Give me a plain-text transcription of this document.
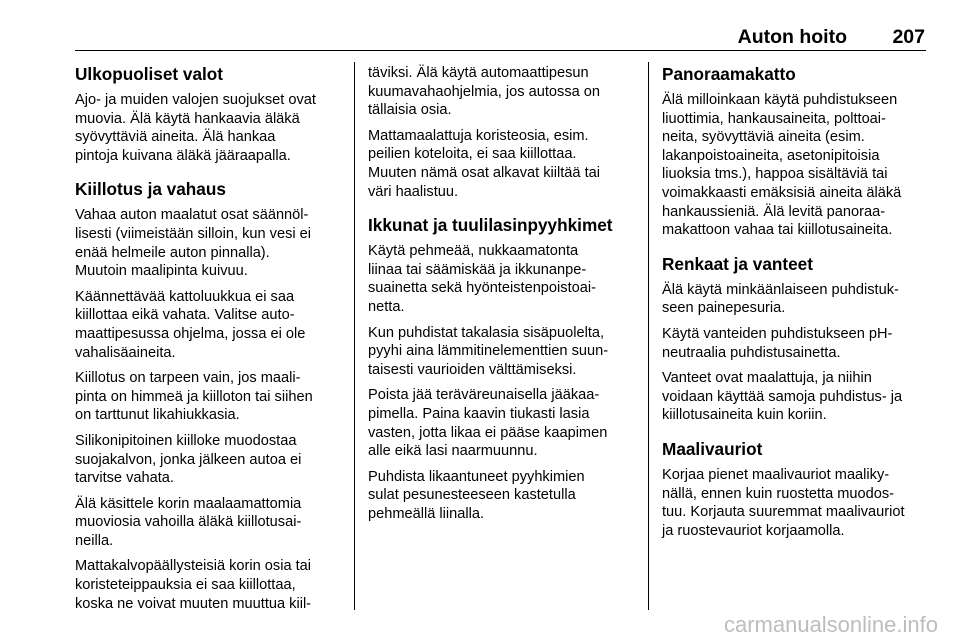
Auton hoito 207
Ulkopuoliset valot

Ajo- ja muiden valojen suojukset ovat
muovia. Älä käytä hankaavia äläkä
syövyttäviä aineita. Älä hankaa
pintoja kuivana äläkä jääraapalla.

Kiillotus ja vahaus

Vahaa auton maalatut osat säännöl-
lisesti (viimeistään silloin, kun vesi ei
enää helmeile auton pinnalla).
Muutoin maalipinta kuivuu.

Käännettävää kattoluukkua ei saa
kiillottaa eikä vahata. Valitse auto-
maattipesussa ohjelma, jossa ei ole
vahalisäaineita.

Kiillotus on tarpeen vain, jos maali-
pinta on himmeä ja kiilloton tai siihen
on tarttunut likahiukkasia.

Silikonipitoinen kiilloke muodostaa
suojakalvon, jonka jälkeen autoa ei
tarvitse vahata.

Älä käsittele korin maalaamattomia
muoviosia vahoilla äläkä kiillotusai-
neilla.

Mattakalvopäällysteisiä korin osia tai
koristeteippauksia ei saa kiillottaa,
koska ne voivat muuten muuttua kiil-

täviksi. Älä käytä automaattipesun
kuumavahaohjelmia, jos autossa on
tällaisia osia.

Mattamaalattuja koristeosia, esim.
peilien koteloita, ei saa kiillottaa.
Muuten nämä osat alkavat kiiltää tai
väri haalistuu.

Ikkunat ja tuulilasinpyyhkimet

Käytä pehmeää, nukkaamatonta
liinaa tai säämiskää ja ikkunanpe-
suainetta sekä hyönteistenpoistoai-
netta.

Kun puhdistat takalasia sisäpuolelta,
pyyhi aina lämmitinelementtien suun-
taisesti vaurioiden välttämiseksi.

Poista jää teräväreunaisella jääkaa-
pimella. Paina kaavin tiukasti lasia
vasten, jotta likaa ei pääse kaapimen
alle eikä lasi naarmuunnu.

Puhdista likaantuneet pyyhkimien
sulat pesunesteeseen kastetulla
pehmeällä liinalla.

Panoraamakatto

Älä milloinkaan käytä puhdistukseen
liuottimia, hankausaineita, polttoai-
neita, syövyttäviä aineita (esim.
lakanpoistoaineita, asetonipitoisia
liuoksia tms.), happoa sisältäviä tai
voimakkaasti emäksisiä aineita äläkä
hankaussieniä. Älä levitä panoraa-
makattoon vahaa tai kiillotusaineita.

Renkaat ja vanteet

Älä käytä minkäänlaiseen puhdistuk-
seen painepesuria.

Käytä vanteiden puhdistukseen pH-
neutraalia puhdistusainetta.

Vanteet ovat maalattuja, ja niihin
voidaan käyttää samoja puhdistus- ja
kiillotusaineita kuin koriin.

Maalivauriot

Korjaa pienet maalivauriot maaliky-
nällä, ennen kuin ruostetta muodos-
tuu. Korjauta suuremmat maalivauriot
ja ruostevauriot korjaamolla.

carmanualsonline.info
